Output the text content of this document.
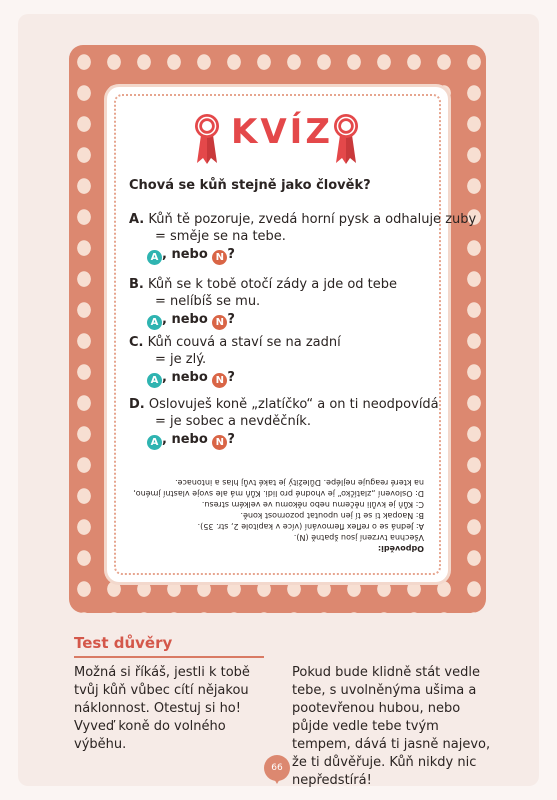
KVÍZ
Chová se kůň stejně jako člověk?
A. Kůň tě pozoruje, zvedá horní pysk a odhaluje zuby
= směje se na tebe.
A , nebo N ?
B. Kůň se k tobě otočí zády a jde od tebe
= nelíbíš se mu.
A , nebo N ?
C. Kůň couvá a staví se na zadní
= je zlý.
A , nebo N ?
D. Oslovuješ koně „zlatíčko“ a on ti neodpovídá
= je sobec a nevděčník.
A , nebo N ?
Odpovědi:
Všechna tvrzení jsou špatně (N).
A: Jedná se o reflex flemování (více v kapitole 2, str. 35).
B: Naopak ti se tí jen upoutat pozornost koně.
C: Kůň je kvůli něčemu nebo někomu ve velkém stresu.
D: Oslovení „zlatíčko“ je vhodné pro lidi. Kůň má ale svoje vlastní jméno,
na které reaguje nejlépe. Důležitý je také tvůj hlas a intonace.
Test důvěry
Možná si říkáš, jestli k tobě tvůj kůň vůbec cítí nějakou náklonnost. Otestuj si ho! Vyveď koně do volného výběhu.
Pokud bude klidně stát vedle tebe, s uvolněnýma ušima a pootevřenou hubou, nebo půjde vedle tebe tvým tempem, dává ti jasně najevo, že ti důvěřuje. Kůň nikdy nic nepředstírá!
66
